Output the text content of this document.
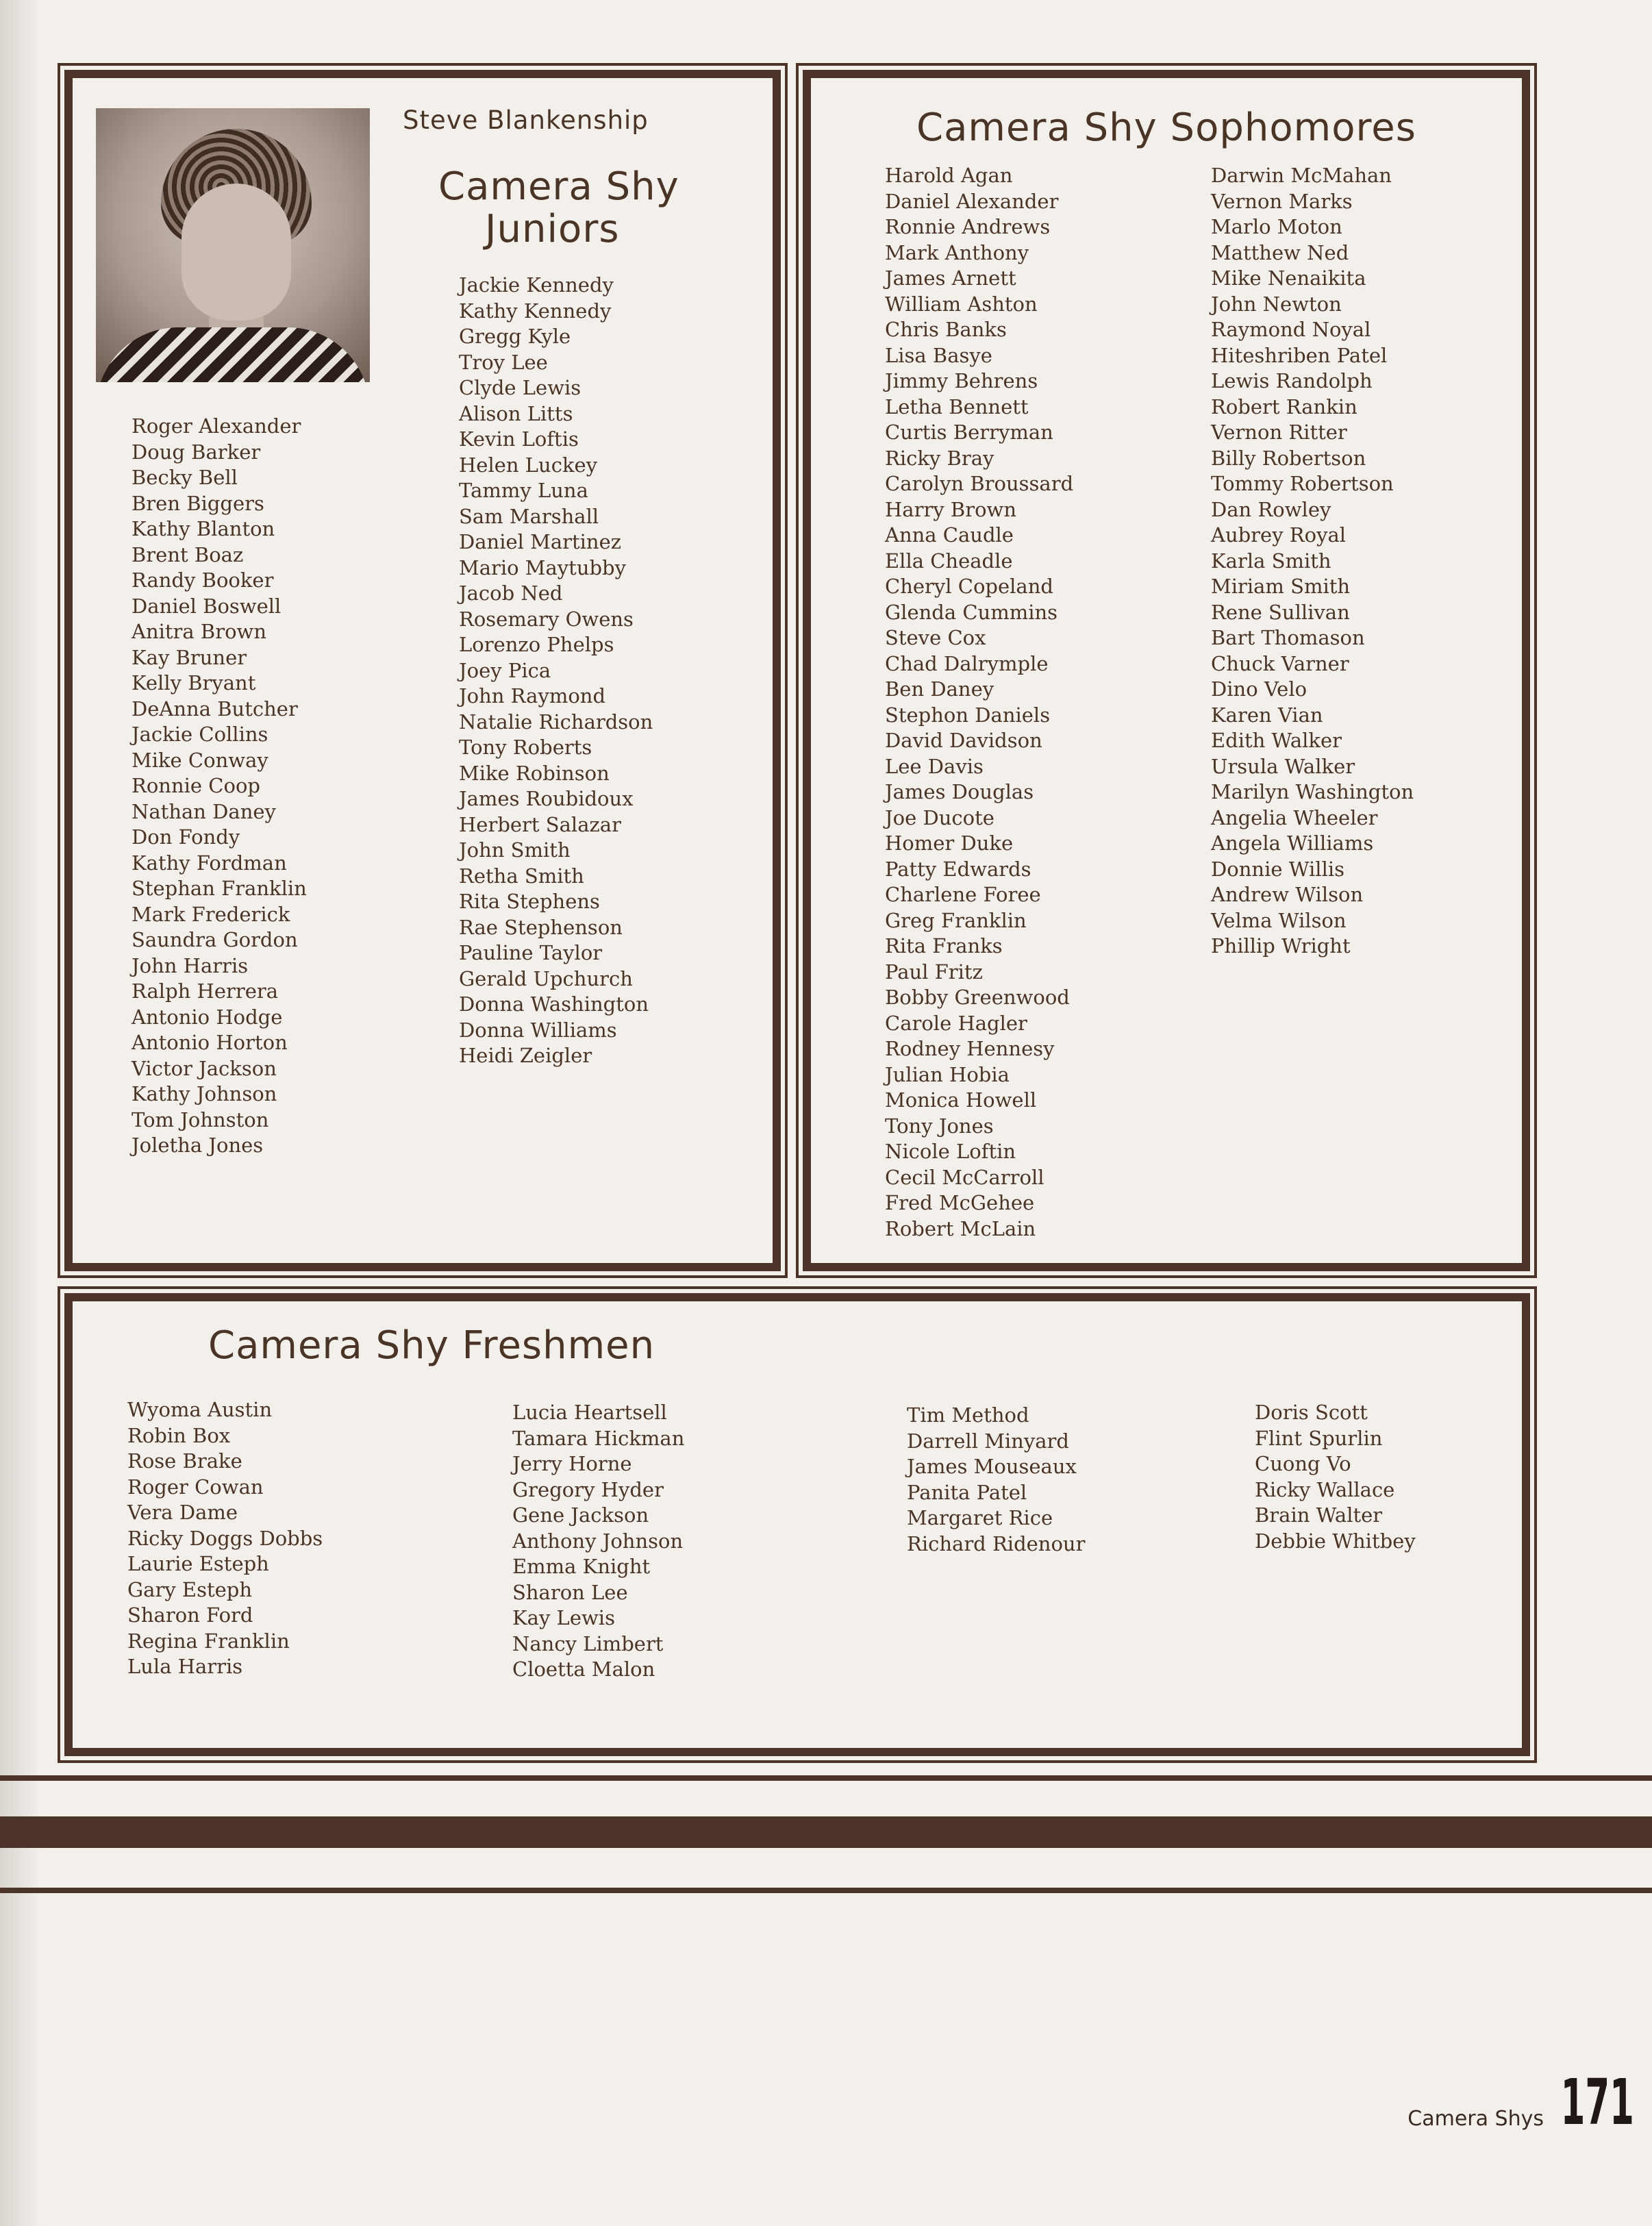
Steve Blankenship
Camera Shy
Juniors
Roger Alexander
Doug Barker
Becky Bell
Bren Biggers
Kathy Blanton
Brent Boaz
Randy Booker
Daniel Boswell
Anitra Brown
Kay Bruner
Kelly Bryant
DeAnna Butcher
Jackie Collins
Mike Conway
Ronnie Coop
Nathan Daney
Don Fondy
Kathy Fordman
Stephan Franklin
Mark Frederick
Saundra Gordon
John Harris
Ralph Herrera
Antonio Hodge
Antonio Horton
Victor Jackson
Kathy Johnson
Tom Johnston
Joletha Jones
Jackie Kennedy
Kathy Kennedy
Gregg Kyle
Troy Lee
Clyde Lewis
Alison Litts
Kevin Loftis
Helen Luckey
Tammy Luna
Sam Marshall
Daniel Martinez
Mario Maytubby
Jacob Ned
Rosemary Owens
Lorenzo Phelps
Joey Pica
John Raymond
Natalie Richardson
Tony Roberts
Mike Robinson
James Roubidoux
Herbert Salazar
John Smith
Retha Smith
Rita Stephens
Rae Stephenson
Pauline Taylor
Gerald Upchurch
Donna Washington
Donna Williams
Heidi Zeigler
Camera Shy Sophomores
Harold Agan
Daniel Alexander
Ronnie Andrews
Mark Anthony
James Arnett
William Ashton
Chris Banks
Lisa Basye
Jimmy Behrens
Letha Bennett
Curtis Berryman
Ricky Bray
Carolyn Broussard
Harry Brown
Anna Caudle
Ella Cheadle
Cheryl Copeland
Glenda Cummins
Steve Cox
Chad Dalrymple
Ben Daney
Stephon Daniels
David Davidson
Lee Davis
James Douglas
Joe Ducote
Homer Duke
Patty Edwards
Charlene Foree
Greg Franklin
Rita Franks
Paul Fritz
Bobby Greenwood
Carole Hagler
Rodney Hennesy
Julian Hobia
Monica Howell
Tony Jones
Nicole Loftin
Cecil McCarroll
Fred McGehee
Robert McLain
Darwin McMahan
Vernon Marks
Marlo Moton
Matthew Ned
Mike Nenaikita
John Newton
Raymond Noyal
Hiteshriben Patel
Lewis Randolph
Robert Rankin
Vernon Ritter
Billy Robertson
Tommy Robertson
Dan Rowley
Aubrey Royal
Karla Smith
Miriam Smith
Rene Sullivan
Bart Thomason
Chuck Varner
Dino Velo
Karen Vian
Edith Walker
Ursula Walker
Marilyn Washington
Angelia Wheeler
Angela Williams
Donnie Willis
Andrew Wilson
Velma Wilson
Phillip Wright
Camera Shy Freshmen
Wyoma Austin
Robin Box
Rose Brake
Roger Cowan
Vera Dame
Ricky Doggs Dobbs
Laurie Esteph
Gary Esteph
Sharon Ford
Regina Franklin
Lula Harris
Lucia Heartsell
Tamara Hickman
Jerry Horne
Gregory Hyder
Gene Jackson
Anthony Johnson
Emma Knight
Sharon Lee
Kay Lewis
Nancy Limbert
Cloetta Malon
Tim Method
Darrell Minyard
James Mouseaux
Panita Patel
Margaret Rice
Richard Ridenour
Doris Scott
Flint Spurlin
Cuong Vo
Ricky Wallace
Brain Walter
Debbie Whitbey
Camera Shys 171
